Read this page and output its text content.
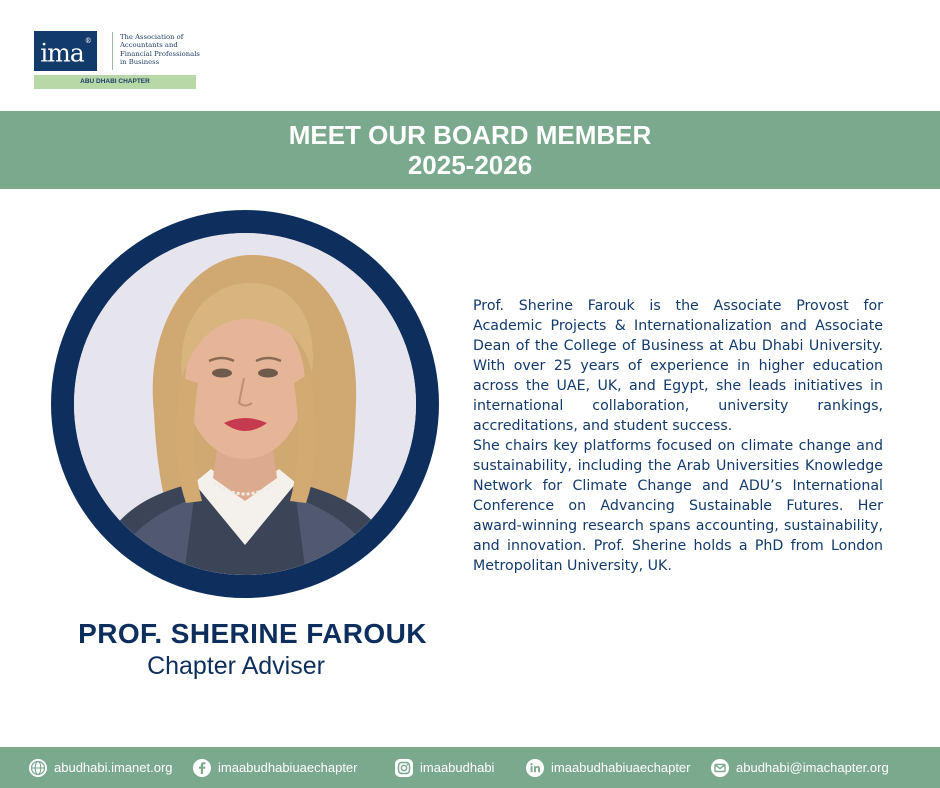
ima®	The Association of Accountants and Financial Professionals in Business
ABU DHABI CHAPTER
MEET OUR BOARD MEMBER
2025-2026
PROF. SHERINE FAROUK
Chapter Adviser

Prof. Sherine Farouk is the Associate Provost for Academic Projects & Internationalization and Associate Dean of the College of Business at Abu Dhabi University. With over 25 years of experience in higher education across the UAE, UK, and Egypt, she leads initiatives in international collaboration, university rankings, accreditations, and student success.

She chairs key platforms focused on climate change and sustainability, including the Arab Universities Knowledge Network for Climate Change and ADU’s International Conference on Advancing Sustainable Futures. Her award-winning research spans accounting, sustainability, and innovation. Prof. Sherine holds a PhD from London Metropolitan University, UK.

abudhabi.imanet.org	imaabudhabiuaechapter	imaabudhabi	imaabudhabiuaechapter	abudhabi@imachapter.org
